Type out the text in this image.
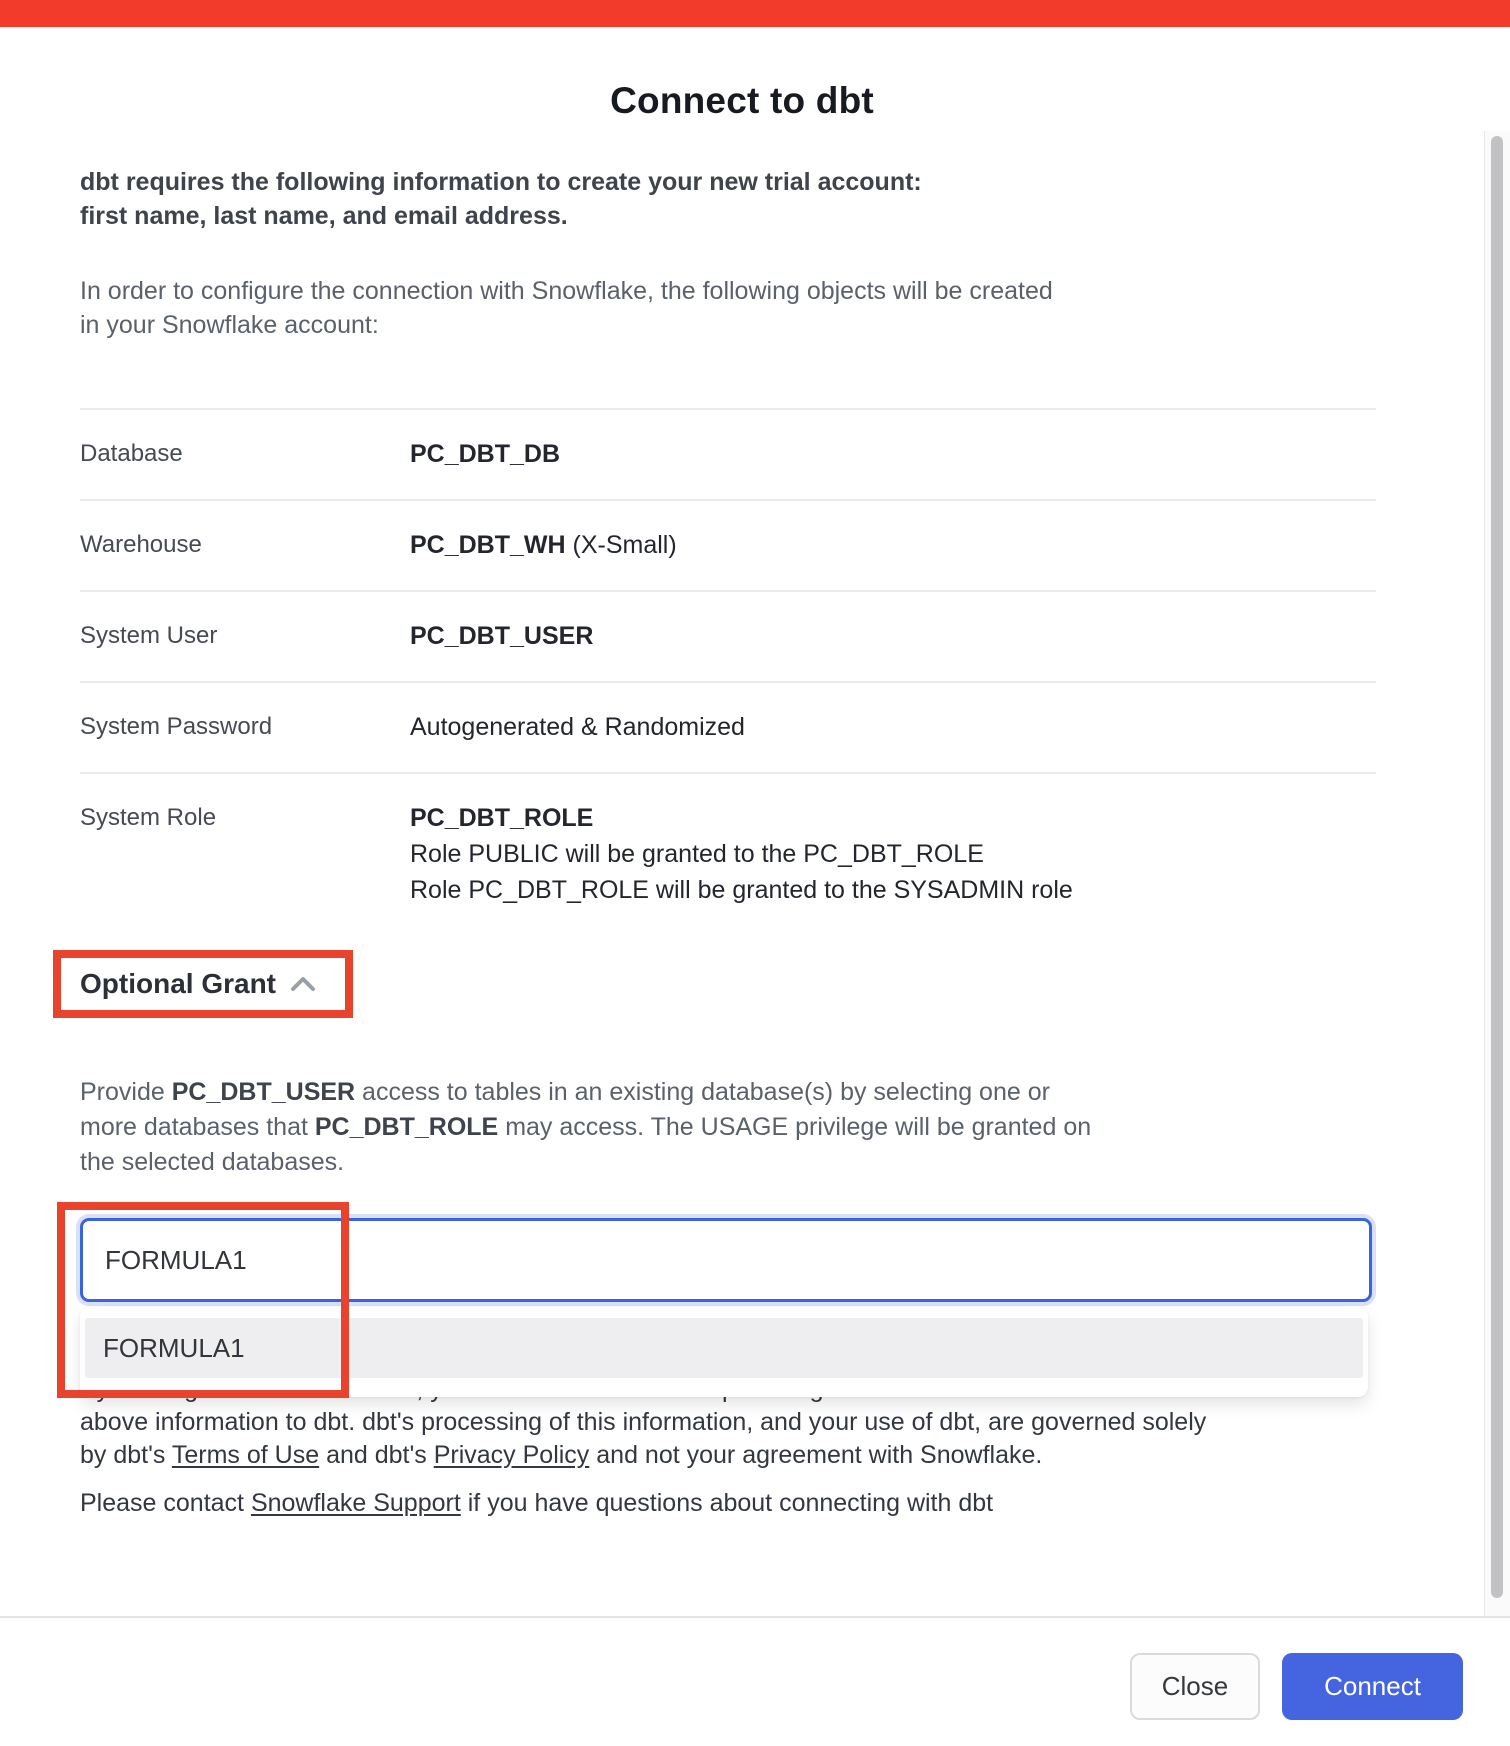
Connect to dbt
dbt requires the following information to create your new trial account:
first name, last name, and email address.
In order to configure the connection with Snowflake, the following objects will be created
in your Snowflake account:
Database	PC_DBT_DB
Warehouse	PC_DBT_WH (X-Small)
System User	PC_DBT_USER
System Password	Autogenerated & Randomized
System Role	PC_DBT_ROLE
Role PUBLIC will be granted to the PC_DBT_ROLE
Role PC_DBT_ROLE will be granted to the SYSADMIN role
Optional Grant
Provide PC_DBT_USER access to tables in an existing database(s) by selecting one or
more databases that PC_DBT_ROLE may access. The USAGE privilege will be granted on
the selected databases.
above information to dbt. dbt's processing of this information, and your use of dbt, are governed solely
by dbt's Terms of Use and dbt's Privacy Policy and not your agreement with Snowflake.
Please contact Snowflake Support if you have questions about connecting with dbt
FORMULA1
FORMULA1
Close	Connect
